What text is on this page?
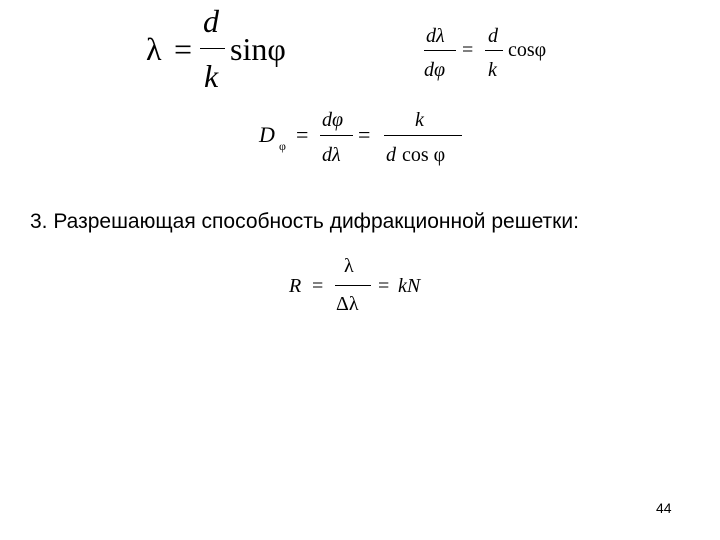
λ =
d
k
sinφ	dλ
dφ
=
d
k
cosφ
D φ =
dφ
dλ
=
k
d cos φ
3. Разрешающая способность дифракционной решетки:
R =
λ
Δλ
= kN
44
